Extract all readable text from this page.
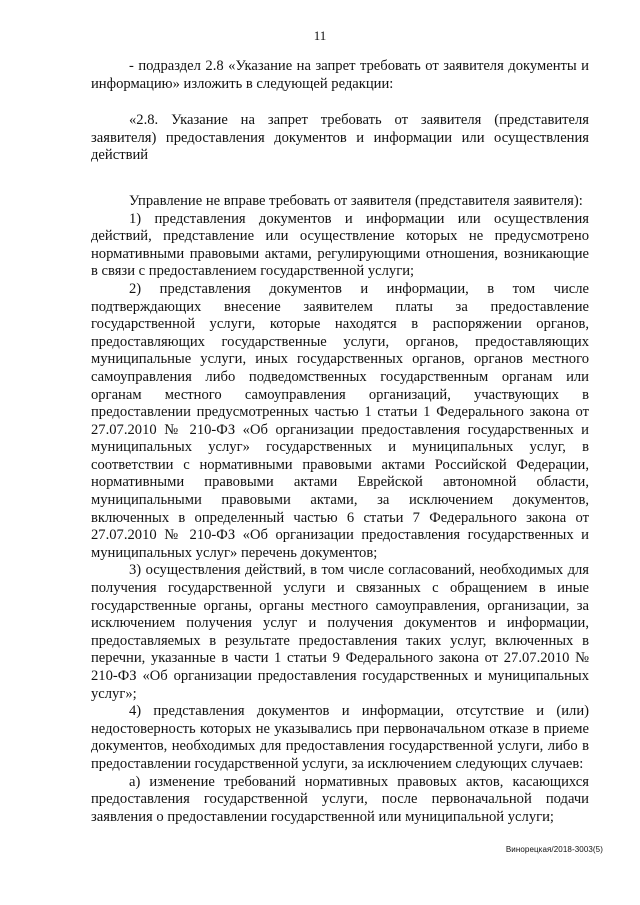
11

- подраздел 2.8 «Указание на запрет требовать от заявителя документы и информацию» изложить в следующей редакции:

«2.8. Указание на запрет требовать от заявителя (представителя заявителя) предоставления документов и информации или осуществления действий

Управление не вправе требовать от заявителя (представителя заявителя):

1) представления документов и информации или осуществления действий, представление или осуществление которых не предусмотрено нормативными правовыми актами, регулирующими отношения, возникающие в связи с предоставлением государственной услуги;

2) представления документов и информации, в том числе подтверждающих внесение заявителем платы за предоставление государственной услуги, которые находятся в распоряжении органов, предоставляющих государственные услуги, органов, предоставляющих муниципальные услуги, иных государственных органов, органов местного самоуправления либо подведомственных государственным органам или органам местного самоуправления организаций, участвующих в предоставлении предусмотренных частью 1 статьи 1 Федерального закона от 27.07.2010 № 210-ФЗ «Об организации предоставления государственных и муниципальных услуг» государственных и муниципальных услуг, в соответствии с нормативными правовыми актами Российской Федерации, нормативными правовыми актами Еврейской автономной области, муниципальными правовыми актами, за исключением документов, включенных в определенный частью 6 статьи 7 Федерального закона от 27.07.2010 № 210-ФЗ «Об организации предоставления государственных и муниципальных услуг» перечень документов;

3) осуществления действий, в том числе согласований, необходимых для получения государственной услуги и связанных с обращением в иные государственные органы, органы местного самоуправления, организации, за исключением получения услуг и получения документов и информации, предоставляемых в результате предоставления таких услуг, включенных в перечни, указанные в части 1 статьи 9 Федерального закона от 27.07.2010 № 210-ФЗ «Об организации предоставления государственных и муниципальных услуг»;

4) представления документов и информации, отсутствие и (или) недостоверность которых не указывались при первоначальном отказе в приеме документов, необходимых для предоставления государственной услуги, либо в предоставлении государственной услуги, за исключением следующих случаев:

а) изменение требований нормативных правовых актов, касающихся предоставления государственной услуги, после первоначальной подачи заявления о предоставлении государственной или муниципальной услуги;

Винорецкая/2018-3003(5)
